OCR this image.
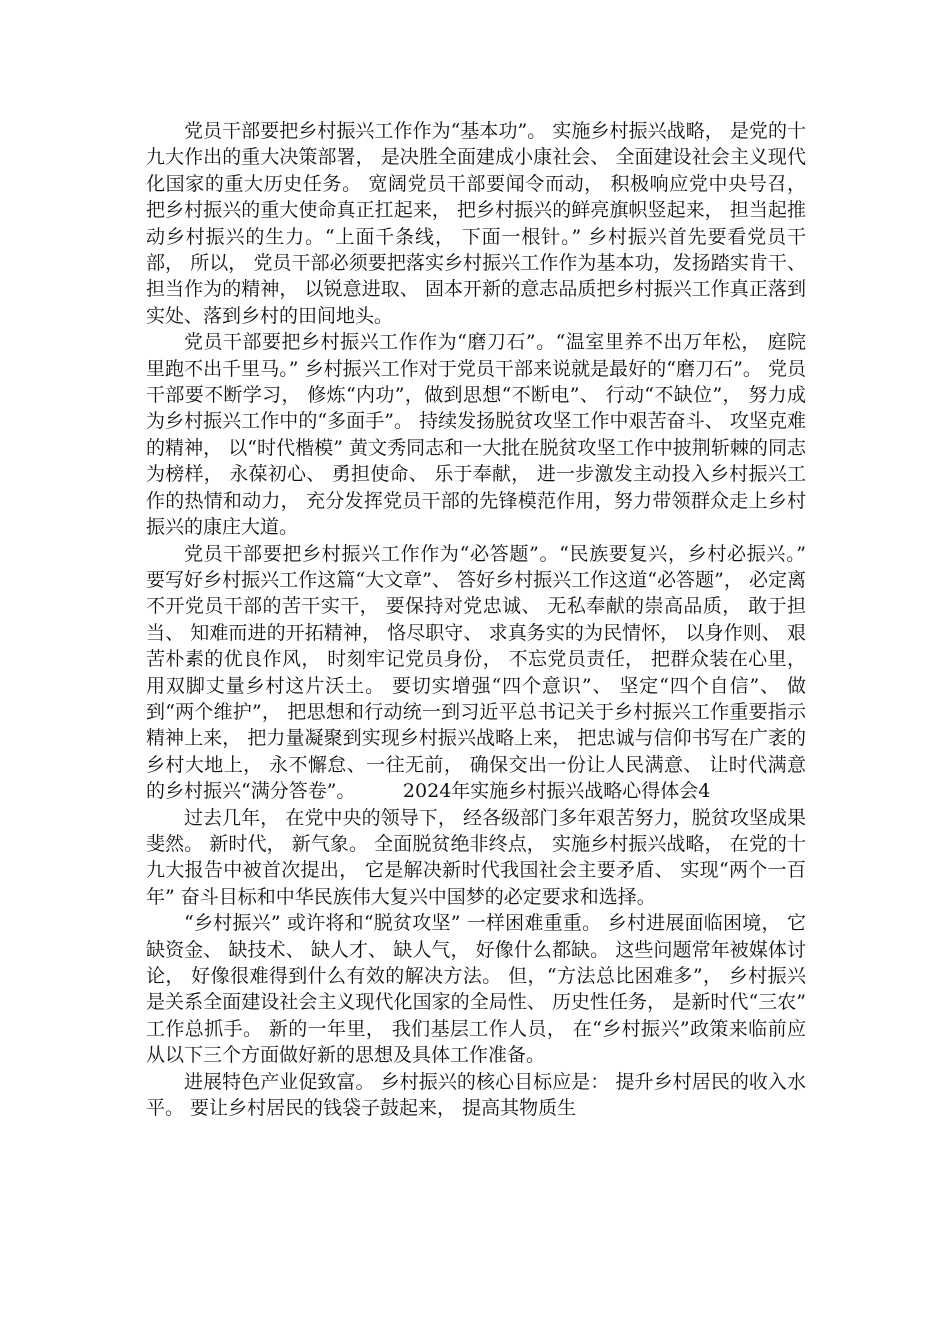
党员干部要把乡村振兴工作作为“基本功”。 实施乡村振兴战略， 是党的十九大作出的重大决策部署， 是决胜全面建成小康社会、 全面建设社会主义现代化国家的重大历史任务。 宽阔党员干部要闻令而动， 积极响应党中央号召， 把乡村振兴的重大使命真正扛起来， 把乡村振兴的鲜亮旗帜竖起来， 担当起推动乡村振兴的生力。“上面千条线， 下面一根针。” 乡村振兴首先要看党员干部， 所以， 党员干部必须要把落实乡村振兴工作作为基本功，发扬踏实肯干、 担当作为的精神， 以锐意进取、 固本开新的意志品质把乡村振兴工作真正落到实处、落到乡村的田间地头。

党员干部要把乡村振兴工作作为“磨刀石”。“温室里养不出万年松， 庭院里跑不出千里马。” 乡村振兴工作对于党员干部来说就是最好的“磨刀石”。 党员干部要不断学习， 修炼“内功”，做到思想“不断电”、 行动“不缺位”， 努力成为乡村振兴工作中的“多面手”。 持续发扬脱贫攻坚工作中艰苦奋斗、 攻坚克难的精神， 以“时代楷模” 黄文秀同志和一大批在脱贫攻坚工作中披荆斩棘的同志为榜样， 永葆初心、 勇担使命、 乐于奉献， 进一步激发主动投入乡村振兴工作的热情和动力， 充分发挥党员干部的先锋模范作用，努力带领群众走上乡村振兴的康庄大道。

党员干部要把乡村振兴工作作为“必答题”。“民族要复兴，乡村必振兴。” 要写好乡村振兴工作这篇“大文章”、 答好乡村振兴工作这道“必答题”， 必定离不开党员干部的苦干实干， 要保持对党忠诚、 无私奉献的崇高品质， 敢于担当、 知难而进的开拓精神， 恪尽职守、 求真务实的为民情怀， 以身作则、 艰苦朴素的优良作风， 时刻牢记党员身份， 不忘党员责任， 把群众装在心里，用双脚丈量乡村这片沃土。 要切实增强“四个意识”、 坚定“四个自信”、 做到“两个维护”， 把思想和行动统一到习近平总书记关于乡村振兴工作重要指示精神上来， 把力量凝聚到实现乡村振兴战略上来， 把忠诚与信仰书写在广袤的乡村大地上， 永不懈怠、一往无前， 确保交出一份让人民满意、 让时代满意的乡村振兴“满分答卷”。　　　2024年实施乡村振兴战略心得体会4

过去几年， 在党中央的领导下， 经各级部门多年艰苦努力，脱贫攻坚成果斐然。 新时代， 新气象。 全面脱贫绝非终点， 实施乡村振兴战略， 在党的十九大报告中被首次提出， 它是解决新时代我国社会主要矛盾、 实现“两个一百年” 奋斗目标和中华民族伟大复兴中国梦的必定要求和选择。

“乡村振兴” 或许将和“脱贫攻坚” 一样困难重重。 乡村进展面临困境， 它缺资金、 缺技术、 缺人才、 缺人气， 好像什么都缺。 这些问题常年被媒体讨论， 好像很难得到什么有效的解决方法。 但，“方法总比困难多”， 乡村振兴是关系全面建设社会主义现代化国家的全局性、 历史性任务， 是新时代“三农” 工作总抓手。 新的一年里， 我们基层工作人员， 在“乡村振兴”政策来临前应从以下三个方面做好新的思想及具体工作准备。

进展特色产业促致富。 乡村振兴的核心目标应是： 提升乡村居民的收入水平。 要让乡村居民的钱袋子鼓起来， 提高其物质生
